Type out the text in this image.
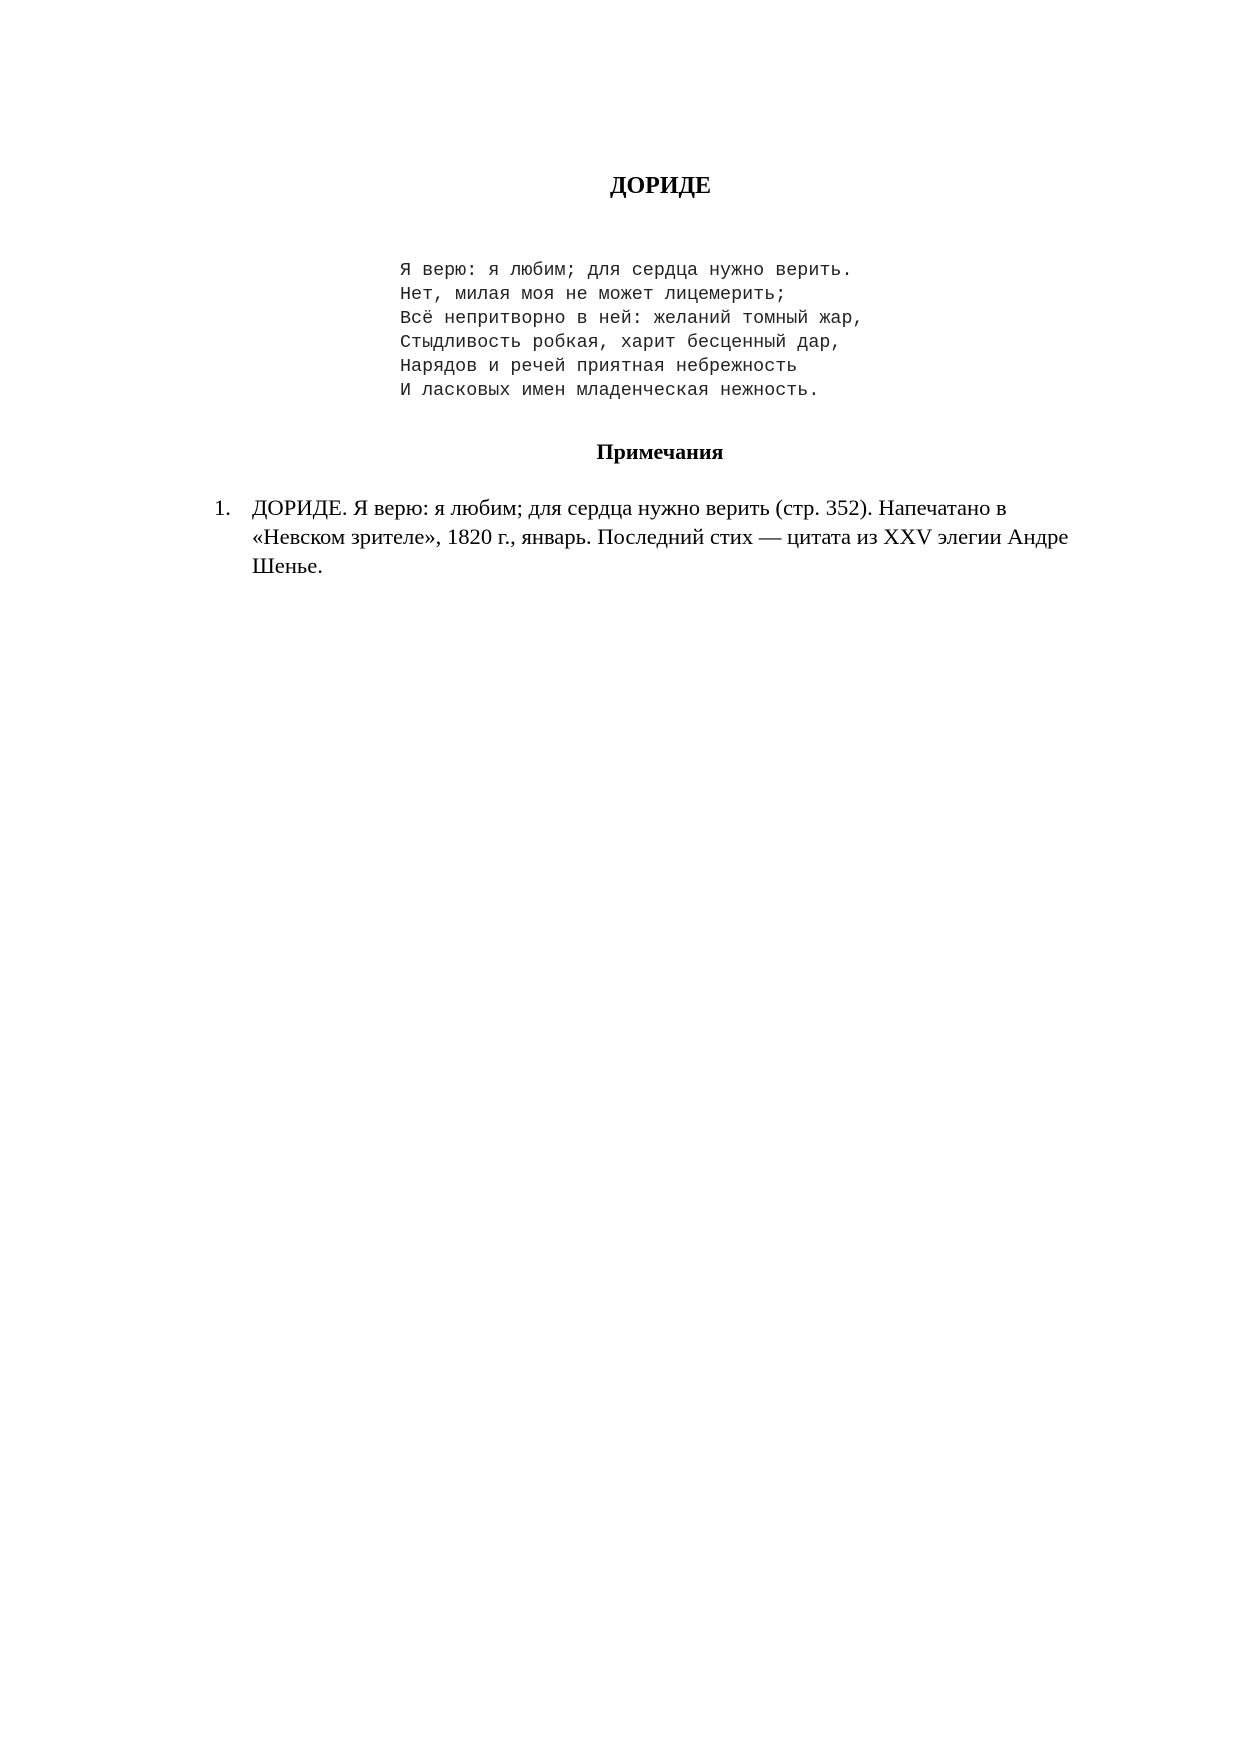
ДОРИДЕ
Я верю: я любим; для сердца нужно верить.
Нет, милая моя не может лицемерить;
Всё непритворно в ней: желаний томный жар,
Стыдливость робкая, харит бесценный дар,
Нарядов и речей приятная небрежность
И ласковых имен младенческая нежность.
Примечания
1. ДОРИДЕ. Я верю: я любим; для сердца нужно верить (стр. 352). Напечатано в «Невском зрителе», 1820 г., январь. Последний стих — цитата из XXV элегии Андре Шенье.
